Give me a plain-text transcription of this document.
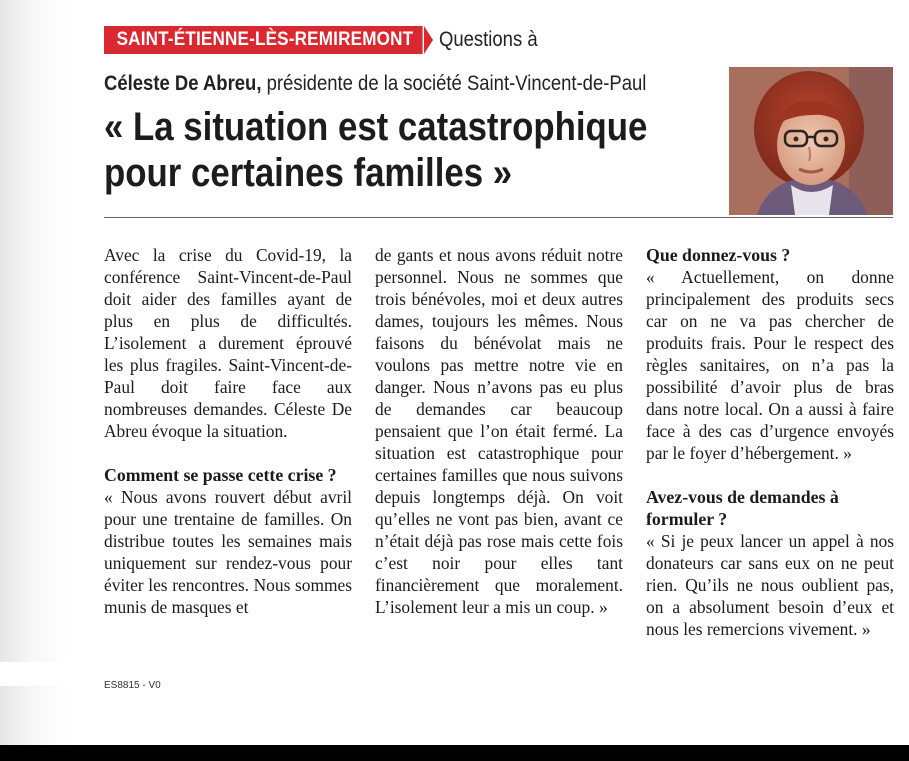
SAINT-ÉTIENNE-LÈS-REMIREMONT	Questions à
Céleste De Abreu, présidente de la société Saint-Vincent-de-Paul
« La situation est catastrophique pour certaines familles »

Avec la crise du Covid-19, la conférence Saint-Vincent-de-Paul doit aider des familles ayant de plus en plus de difficultés. L’isolement a durement éprouvé les plus fragiles. Saint-Vincent-de-Paul doit faire face aux nombreuses demandes. Céleste De Abreu évoque la situation.

Comment se passe cette crise ?

« Nous avons rouvert début avril pour une trentaine de familles. On distribue toutes les semaines mais uniquement sur rendez-vous pour éviter les rencontres. Nous sommes munis de masques et

de gants et nous avons réduit notre personnel. Nous ne sommes que trois bénévoles, moi et deux autres dames, toujours les mêmes. Nous faisons du bénévolat mais ne voulons pas mettre notre vie en danger. Nous n’avons pas eu plus de demandes car beaucoup pensaient que l’on était fermé. La situation est catastrophique pour certaines familles que nous suivons depuis longtemps déjà. On voit qu’elles ne vont pas bien, avant ce n’était déjà pas rose mais cette fois c’est noir pour elles tant financièrement que moralement. L’isolement leur a mis un coup. »

Que donnez-vous ?

« Actuellement, on donne principalement des produits secs car on ne va pas chercher de produits frais. Pour le respect des règles sanitaires, on n’a pas la possibilité d’avoir plus de bras dans notre local. On a aussi à faire face à des cas d’urgence envoyés par le foyer d’hébergement. »

Avez-vous de demandes à formuler ?

« Si je peux lancer un appel à nos donateurs car sans eux on ne peut rien. Qu’ils ne nous oublient pas, on a absolument besoin d’eux et nous les remercions vivement. »

ES8815 - V0
